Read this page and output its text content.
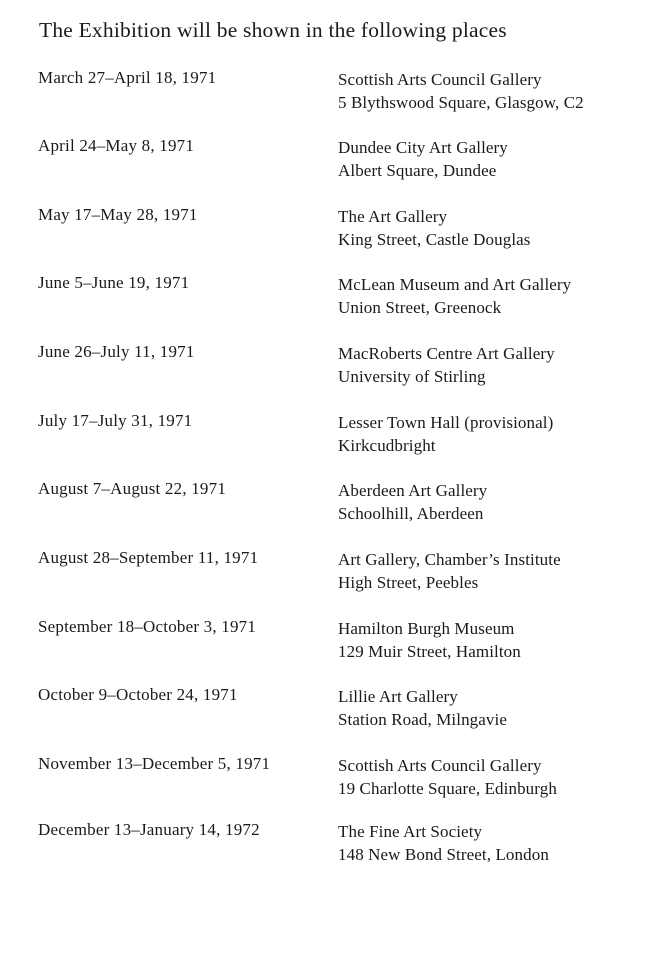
The Exhibition will be shown in the following places
March 27–April 18, 1971	Scottish Arts Council Gallery
5 Blythswood Square, Glasgow, C2
April 24–May 8, 1971	Dundee City Art Gallery
Albert Square, Dundee
May 17–May 28, 1971	The Art Gallery
King Street, Castle Douglas
June 5–June 19, 1971	McLean Museum and Art Gallery
Union Street, Greenock
June 26–July 11, 1971	MacRoberts Centre Art Gallery
University of Stirling
July 17–July 31, 1971	Lesser Town Hall (provisional)
Kirkcudbright
August 7–August 22, 1971	Aberdeen Art Gallery
Schoolhill, Aberdeen
August 28–September 11, 1971	Art Gallery, Chamber’s Institute
High Street, Peebles
September 18–October 3, 1971	Hamilton Burgh Museum
129 Muir Street, Hamilton
October 9–October 24, 1971	Lillie Art Gallery
Station Road, Milngavie
November 13–December 5, 1971	Scottish Arts Council Gallery
19 Charlotte Square, Edinburgh
December 13–January 14, 1972	The Fine Art Society
148 New Bond Street, London
